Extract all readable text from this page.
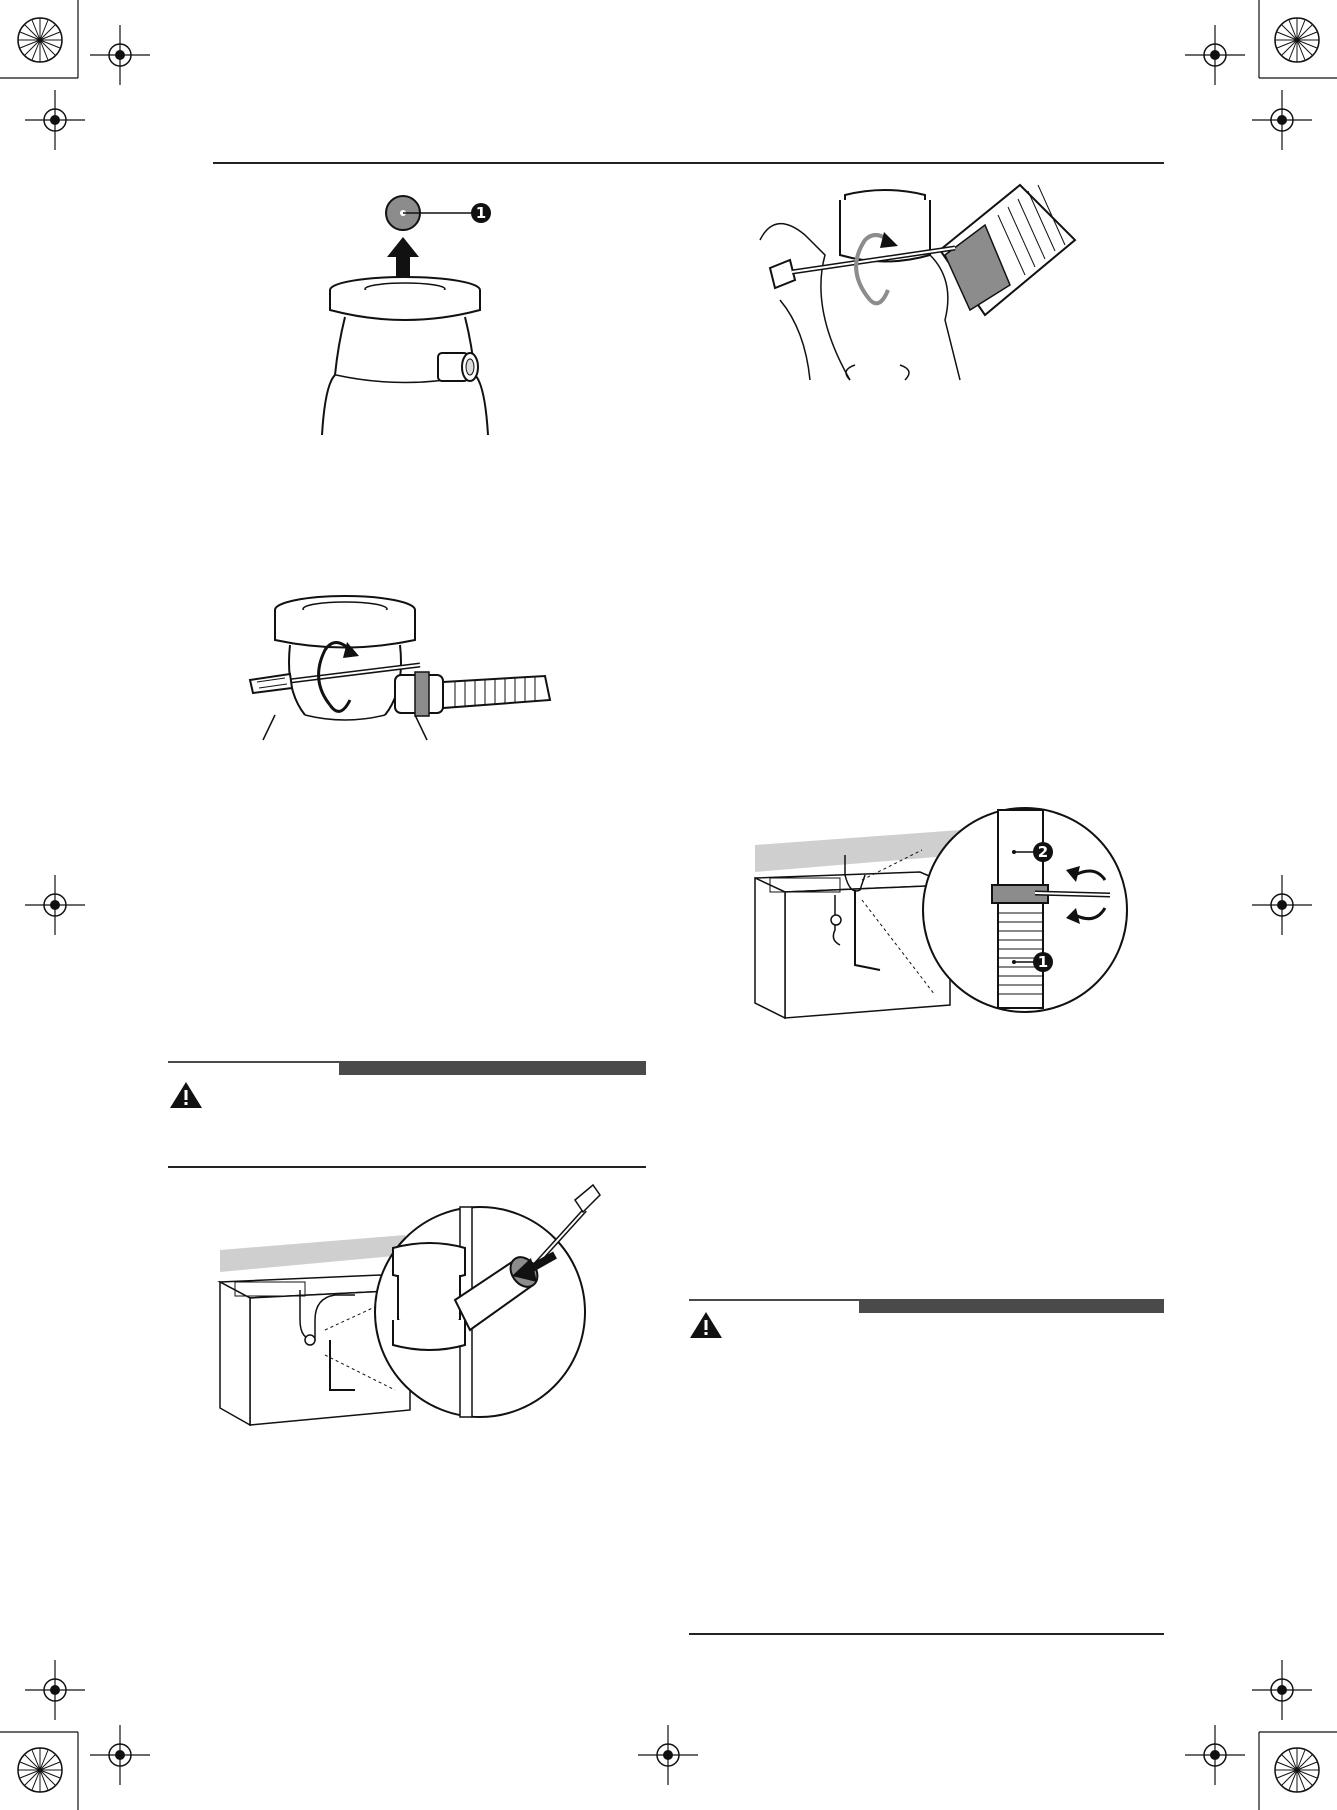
1
2
1
